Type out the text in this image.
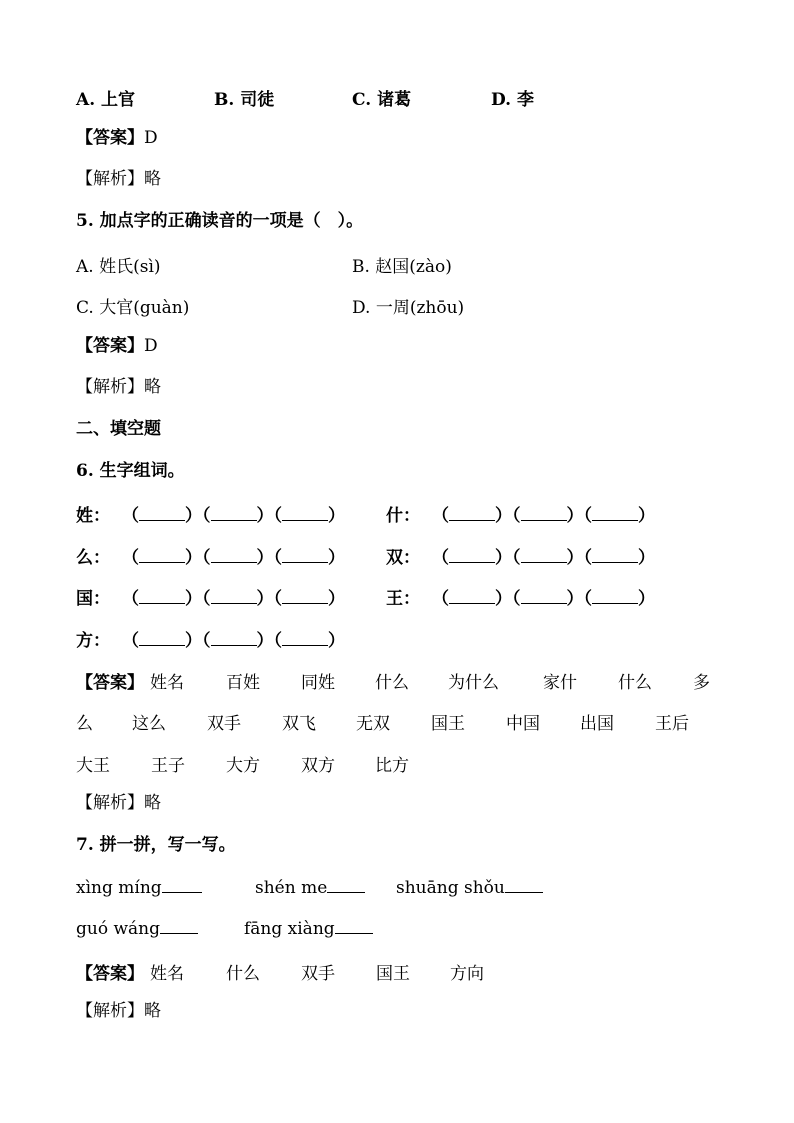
A. 上官	B. 司徒	C. 诸葛	D. 李
【答案】D
【解析】略
5. 加点字的正确读音的一项是（　）。
A. 姓氏(sì)	B. 赵国(zào)
C. 大官(guàn)	D. 一周(zhōu)
【答案】D
【解析】略
二、填空题
6. 生字组词。
姓： （	）（	）（	） 什： （	）（	）（	）
么： （	）（	）（	） 双： （	）（	）（	）
国： （	）（	）（	） 王： （	）（	）（	）
方： （	）（	）（	）
【答案】 姓名 百姓 同姓 什么 为什么	家什 什么 多
么 这么 双手 双飞 无双 国王 中国 出国 王后
大王 王子 大方 双方 比方
【解析】略
7. 拼一拼，写一写。
xìng míng	shén me	shuāng shǒu
guó wáng	fāng xiàng
【答案】 姓名 什么 双手 国王 方向
【解析】略
